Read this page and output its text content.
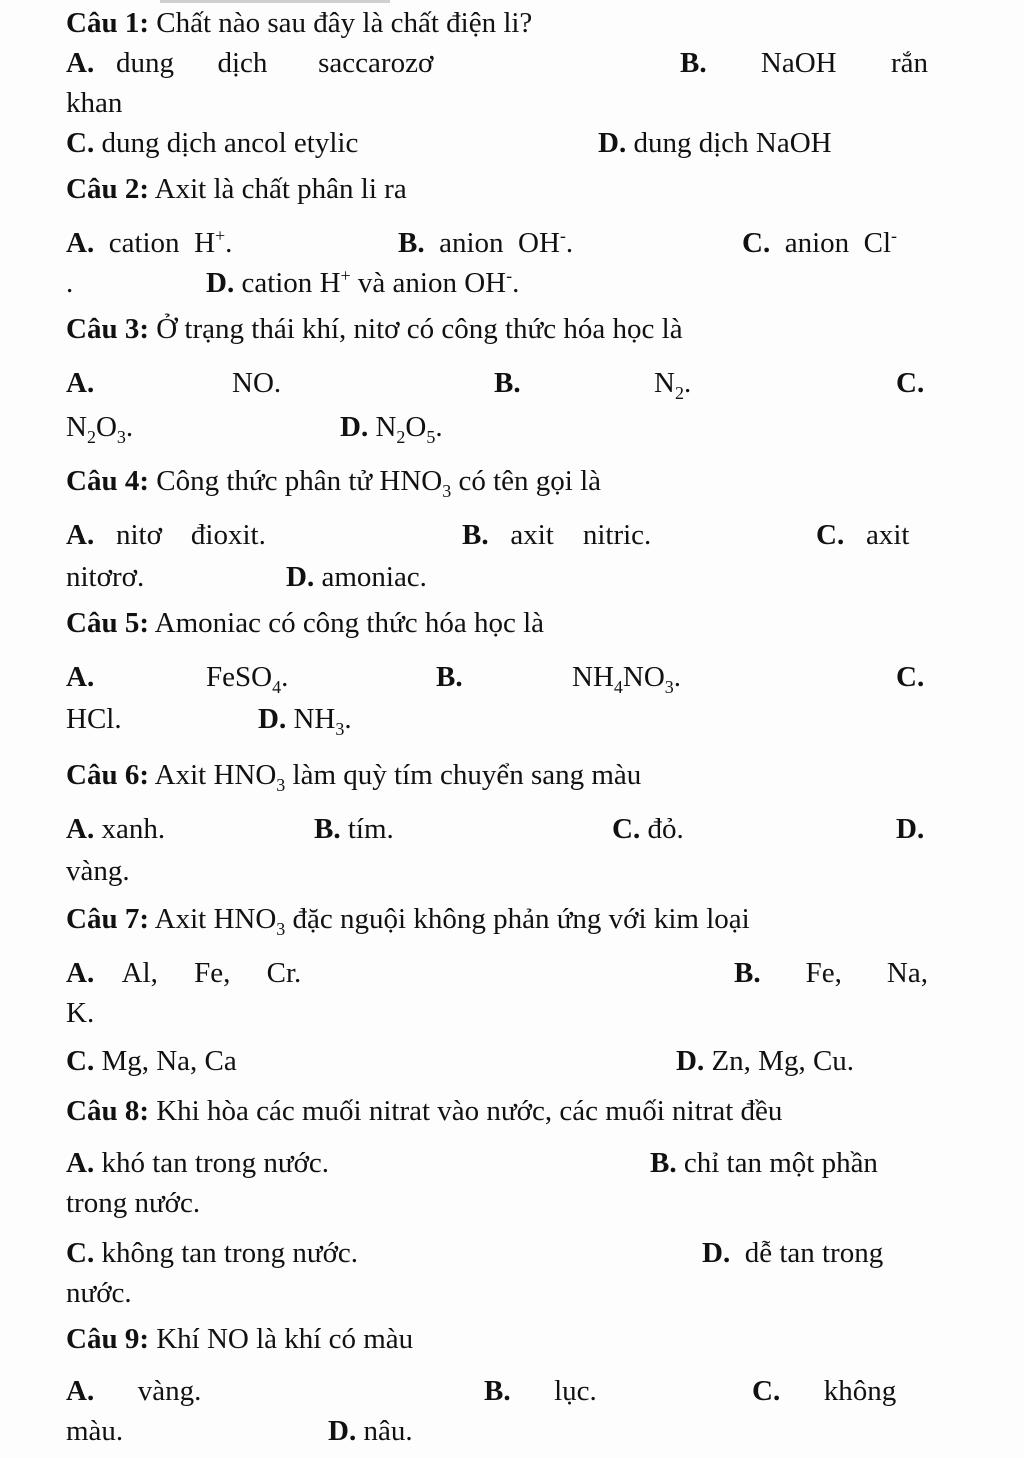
Câu 1: Chất nào sau đây là chất điện li?
A. dung dịch saccarozơ	B. NaOH rắn
khan
C. dung dịch ancol etylic	D. dung dịch NaOH
Câu 2: Axit là chất phân li ra
A. cation H+.	B. anion OH-.	C. anion Cl-
.	D. cation H+ và anion OH-.
Câu 3: Ở trạng thái khí, nitơ có công thức hóa học là
A.	NO.	B.	$N_2$.	C.
$N_2O_3$.	D. $N_2O_5$.
Câu 4: Công thức phân tử $HNO_3$ có tên gọi là
A. nitơ đioxit.	B. axit nitric.	C. axit
nitơrơ.	D. amoniac.
Câu 5: Amoniac có công thức hóa học là
A.	FeSO$_4$.	B.	$NH_4NO_3$.	C.
HCl.	D. $NH_3$.
Câu 6: Axit $HNO_3$ làm quỳ tím chuyển sang màu
A. xanh.	B. tím.	C. đỏ.	D.
vàng.
Câu 7: Axit $HNO_3$ đặc nguội không phản ứng với kim loại
A. Al, Fe, Cr.	B. Fe, Na,
K.
C. Mg, Na, Ca	D. Zn, Mg, Cu.
Câu 8: Khi hòa các muối nitrat vào nước, các muối nitrat đều
A. khó tan trong nước.	B. chỉ tan một phần
trong nước.
C. không tan trong nước.	D. dễ tan trong
nước.
Câu 9: Khí NO là khí có màu
A. vàng.	B. lục.	C. không
màu.	D. nâu.
